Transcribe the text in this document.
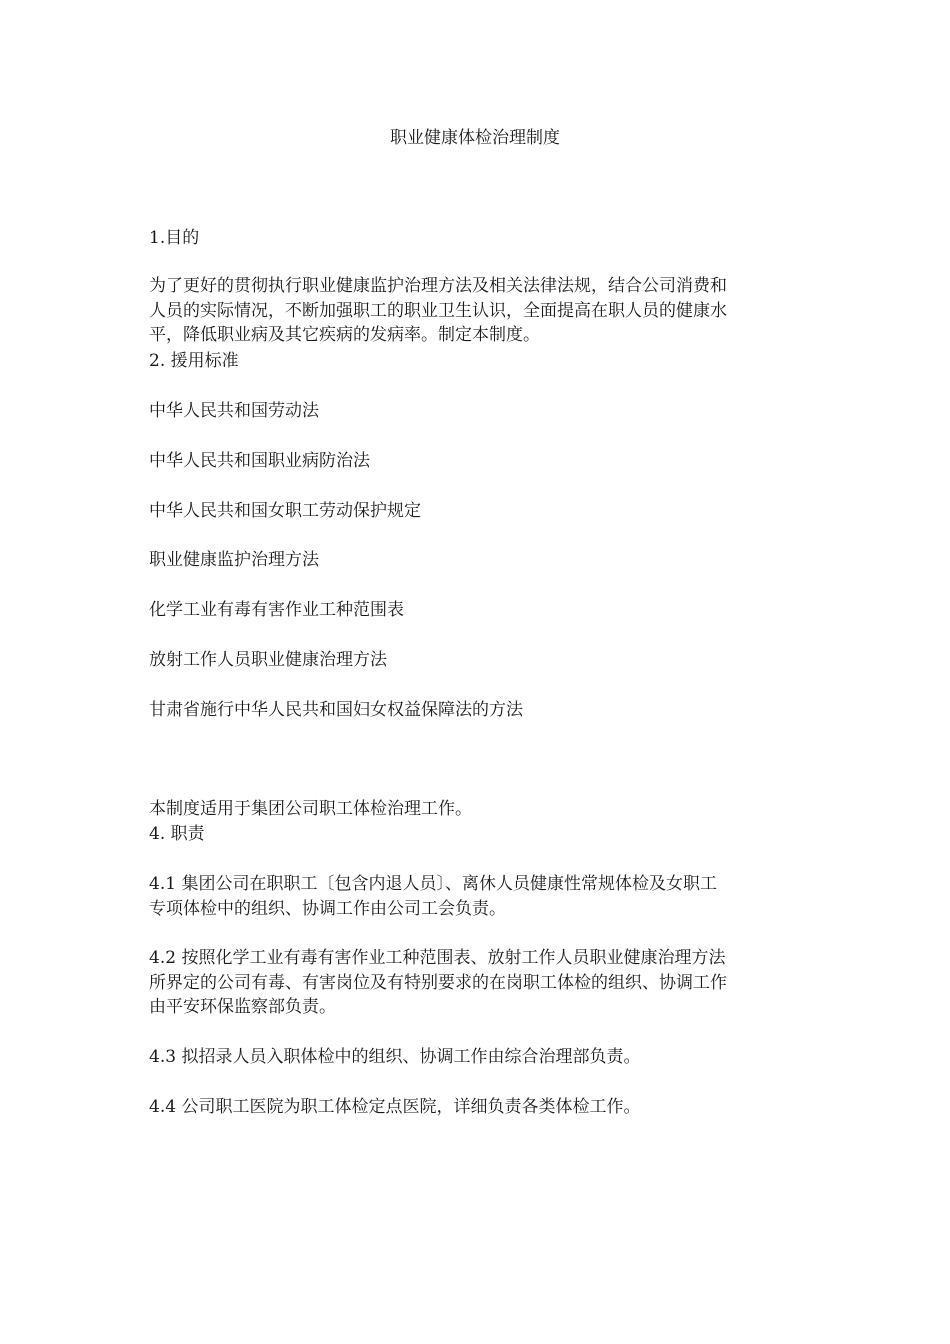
职业健康体检治理制度
1.目的
为了更好的贯彻执行职业健康监护治理方法及相关法律法规，结合公司消费和
人员的实际情况，不断加强职工的职业卫生认识，全面提高在职人员的健康水
平，降低职业病及其它疾病的发病率。制定本制度。
2. 援用标准
中华人民共和国劳动法
中华人民共和国职业病防治法
中华人民共和国女职工劳动保护规定
职业健康监护治理方法
化学工业有毒有害作业工种范围表
放射工作人员职业健康治理方法
甘肃省施行中华人民共和国妇女权益保障法的方法
本制度适用于集团公司职工体检治理工作。
4. 职责
4.1 集团公司在职职工〔包含内退人员〕、离休人员健康性常规体检及女职工
专项体检中的组织、协调工作由公司工会负责。
4.2 按照化学工业有毒有害作业工种范围表、放射工作人员职业健康治理方法
所界定的公司有毒、有害岗位及有特别要求的在岗职工体检的组织、协调工作
由平安环保监察部负责。
4.3 拟招录人员入职体检中的组织、协调工作由综合治理部负责。
4.4 公司职工医院为职工体检定点医院，详细负责各类体检工作。
